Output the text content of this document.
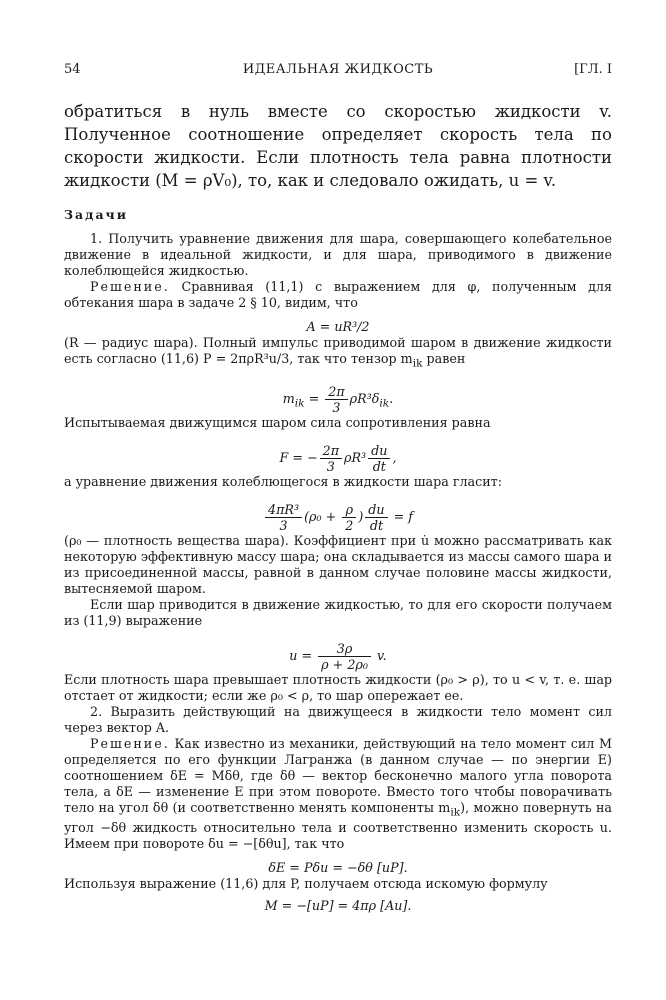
54	ИДЕАЛЬНАЯ ЖИДКОСТЬ	[ГЛ. I

обратиться в нуль вместе со скоростью жидкости v. Полученное соотношение определяет скорость тела по скорости жидкости. Если плотность тела равна плотности жидкости (M = ρV₀), то, как и следовало ожидать, u = v.

Задачи

1. Получить уравнение движения для шара, совершающего колебательное движение в идеальной жидкости, и для шара, приводимого в движение колеблющейся жидкостью.

Решение. Сравнивая (11,1) с выражением для φ, полученным для обтекания шара в задаче 2 § 10, видим, что

A = uR³/2

(R — радиус шара). Полный импульс приводимой шаром в движение жидкости есть согласно (11,6) P = 2πρR³u/3, так что тензор $m_{ik}$ равен

$m_{ik} = \frac{2\pi}{3} \rho R^3\delta_{ik}$.

Испытываемая движущимся шаром сила сопротивления равна

F = − $\frac{2\pi}{3} \rho R^3 \frac{du}{dt}$ ,

а уравнение движения колеблющегося в жидкости шара гласит:

$\frac{\text{4πR³}}{3} (\rho_0 + \frac{\rho}{2}$ ) $\frac{du}{dt} = f$

(ρ₀ — плотность вещества шара). Коэффициент при u̇ можно рассматривать как некоторую эффективную массу шара; она складывается из массы самого шара и из присоединенной массы, равной в данном случае половине массы жидкости, вытесняемой шаром.

Если шар приводится в движение жидкостью, то для его скорости получаем из (11,9) выражение

$u = \frac{3\rho}{\text{ρ + 2ρ₀}} v$.

Если плотность шара превышает плотность жидкости (ρ₀ > ρ), то u < v, т. е. шар отстает от жидкости; если же ρ₀ < ρ, то шар опережает ее.

2. Выразить действующий на движущееся в жидкости тело момент сил через вектор A.

Решение. Как известно из механики, действующий на тело момент сил M определяется по его функции Лагранжа (в данном случае — по энергии E) соотношением δE = Mδθ, где δθ — вектор бесконечно малого угла поворота тела, а δE — изменение E при этом повороте. Вместо того чтобы поворачивать тело на угол δθ (и соответственно менять компоненты $m_{ik}$), можно повернуть на угол −δθ жидкость относительно тела и соответственно изменить скорость u. Имеем при повороте δu = −[δθu], так что

δE = Pδu = −δθ [uP].

Используя выражение (11,6) для P, получаем отсюда искомую формулу

M = −[uP] = 4πρ [Au].
